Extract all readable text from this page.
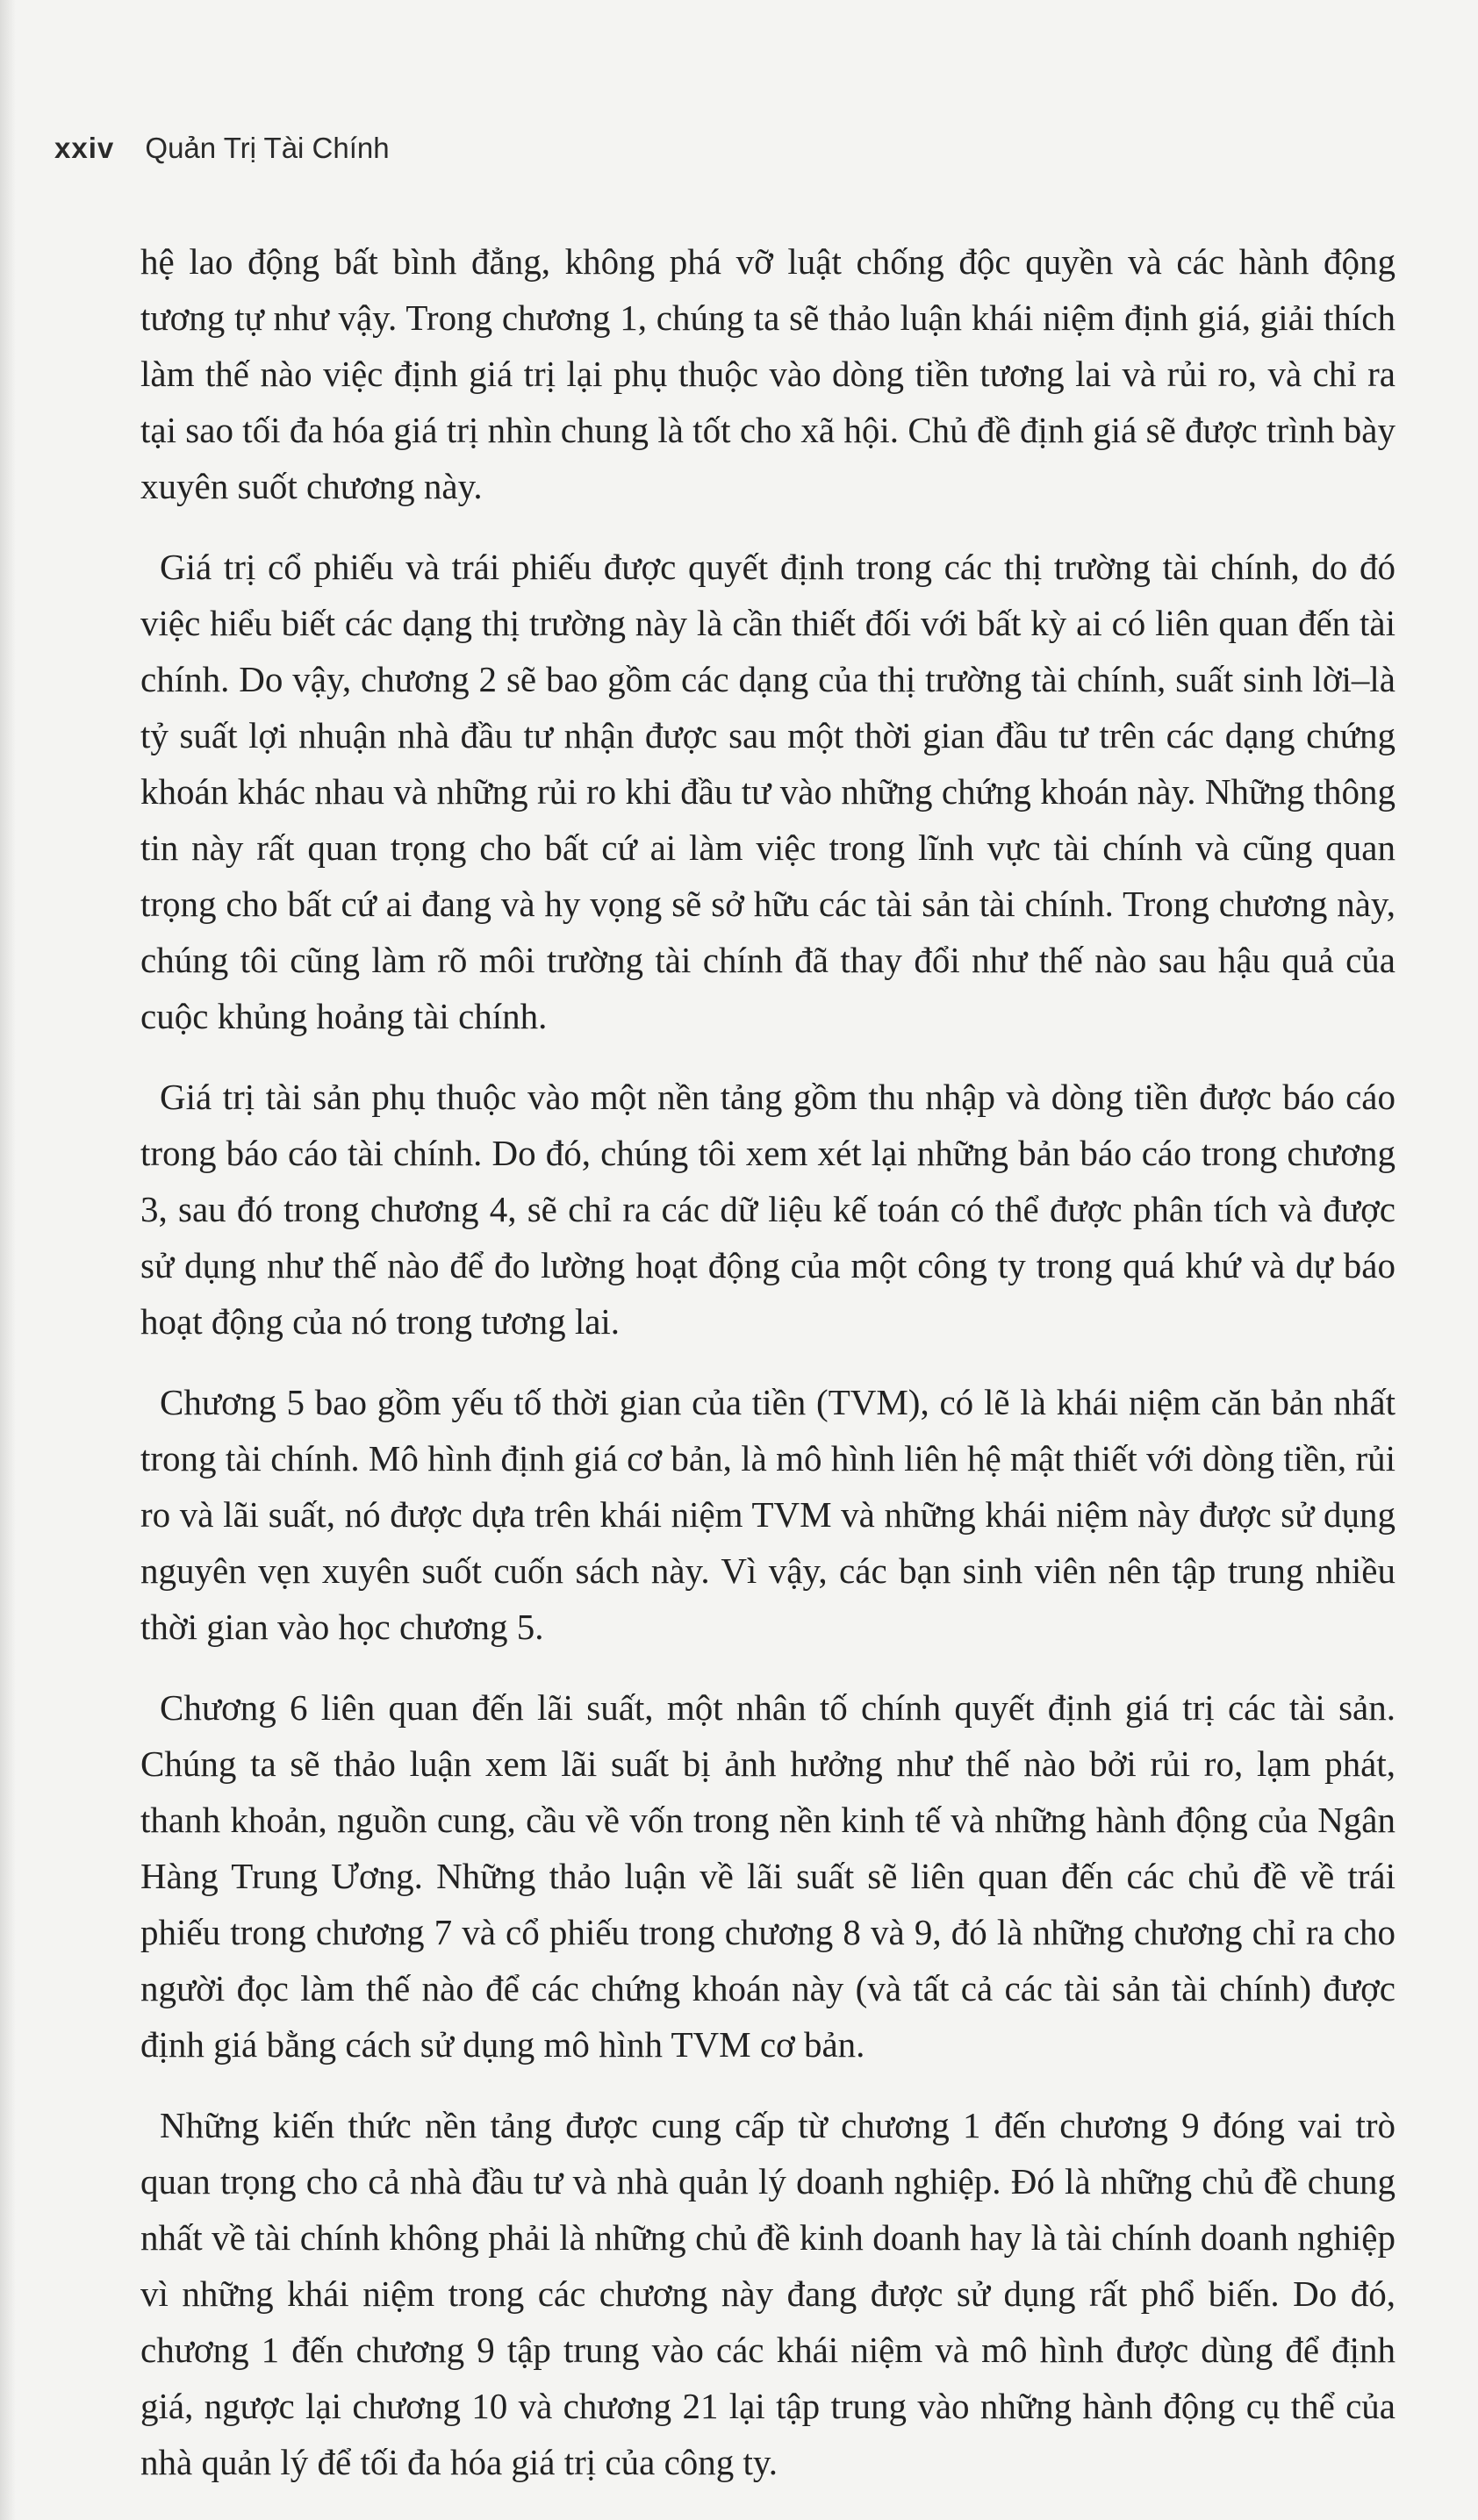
xxiv Quản Trị Tài Chính

hệ lao động bất bình đẳng, không phá vỡ luật chống độc quyền và các hành động tương tự như vậy. Trong chương 1, chúng ta sẽ thảo luận khái niệm định giá, giải thích làm thế nào việc định giá trị lại phụ thuộc vào dòng tiền tương lai và rủi ro, và chỉ ra tại sao tối đa hóa giá trị nhìn chung là tốt cho xã hội. Chủ đề định giá sẽ được trình bày xuyên suốt chương này.

Giá trị cổ phiếu và trái phiếu được quyết định trong các thị trường tài chính, do đó việc hiểu biết các dạng thị trường này là cần thiết đối với bất kỳ ai có liên quan đến tài chính. Do vậy, chương 2 sẽ bao gồm các dạng của thị trường tài chính, suất sinh lời–là tỷ suất lợi nhuận nhà đầu tư nhận được sau một thời gian đầu tư trên các dạng chứng khoán khác nhau và những rủi ro khi đầu tư vào những chứng khoán này. Những thông tin này rất quan trọng cho bất cứ ai làm việc trong lĩnh vực tài chính và cũng quan trọng cho bất cứ ai đang và hy vọng sẽ sở hữu các tài sản tài chính. Trong chương này, chúng tôi cũng làm rõ môi trường tài chính đã thay đổi như thế nào sau hậu quả của cuộc khủng hoảng tài chính.

Giá trị tài sản phụ thuộc vào một nền tảng gồm thu nhập và dòng tiền được báo cáo trong báo cáo tài chính. Do đó, chúng tôi xem xét lại những bản báo cáo trong chương 3, sau đó trong chương 4, sẽ chỉ ra các dữ liệu kế toán có thể được phân tích và được sử dụng như thế nào để đo lường hoạt động của một công ty trong quá khứ và dự báo hoạt động của nó trong tương lai.

Chương 5 bao gồm yếu tố thời gian của tiền (TVM), có lẽ là khái niệm căn bản nhất trong tài chính. Mô hình định giá cơ bản, là mô hình liên hệ mật thiết với dòng tiền, rủi ro và lãi suất, nó được dựa trên khái niệm TVM và những khái niệm này được sử dụng nguyên vẹn xuyên suốt cuốn sách này. Vì vậy, các bạn sinh viên nên tập trung nhiều thời gian vào học chương 5.

Chương 6 liên quan đến lãi suất, một nhân tố chính quyết định giá trị các tài sản. Chúng ta sẽ thảo luận xem lãi suất bị ảnh hưởng như thế nào bởi rủi ro, lạm phát, thanh khoản, nguồn cung, cầu về vốn trong nền kinh tế và những hành động của Ngân Hàng Trung Ương. Những thảo luận về lãi suất sẽ liên quan đến các chủ đề về trái phiếu trong chương 7 và cổ phiếu trong chương 8 và 9, đó là những chương chỉ ra cho người đọc làm thế nào để các chứng khoán này (và tất cả các tài sản tài chính) được định giá bằng cách sử dụng mô hình TVM cơ bản.

Những kiến thức nền tảng được cung cấp từ chương 1 đến chương 9 đóng vai trò quan trọng cho cả nhà đầu tư và nhà quản lý doanh nghiệp. Đó là những chủ đề chung nhất về tài chính không phải là những chủ đề kinh doanh hay là tài chính doanh nghiệp vì những khái niệm trong các chương này đang được sử dụng rất phổ biến. Do đó, chương 1 đến chương 9 tập trung vào các khái niệm và mô hình được dùng để định giá, ngược lại chương 10 và chương 21 lại tập trung vào những hành động cụ thể của nhà quản lý để tối đa hóa giá trị của công ty.
